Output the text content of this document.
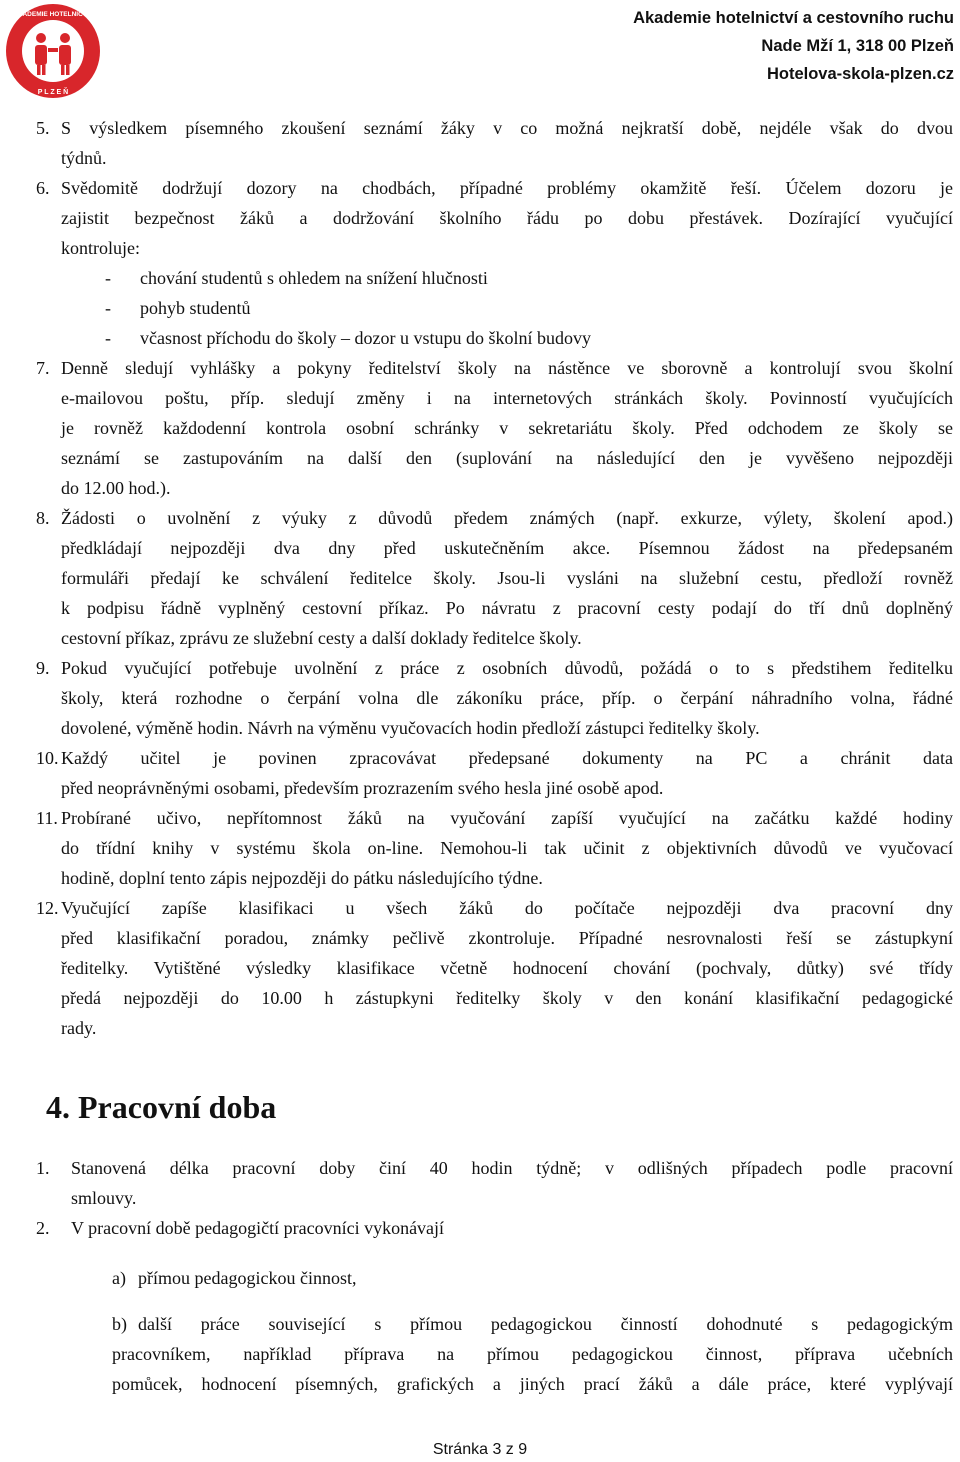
AKADEMIE HOTELNICTVÍ
P L Z E Ň
Akademie hotelnictví a cestovního ruchu
Nade Mží 1, 318 00 Plzeň
Hotelova-skola-plzen.cz
5. S výsledkem písemného zkoušení seznámí žáky v co možná nejkratší době, nejdéle však do dvou
týdnů.
6. Svědomitě dodržují dozory na chodbách, případné problémy okamžitě řeší. Účelem dozoru je
zajistit bezpečnost žáků a dodržování školního řádu po dobu přestávek. Dozírající vyučující
kontroluje:
- chování studentů s ohledem na snížení hlučnosti
- pohyb studentů
- včasnost příchodu do školy – dozor u vstupu do školní budovy
7. Denně sledují vyhlášky a pokyny ředitelství školy na nástěnce ve sborovně a kontrolují svou školní
e-mailovou poštu, příp. sledují změny i na internetových stránkách školy. Povinností vyučujících
je rovněž každodenní kontrola osobní schránky v sekretariátu školy. Před odchodem ze školy se
seznámí se zastupováním na další den (suplování na následující den je vyvěšeno nejpozději
do 12.00 hod.).
8. Žádosti o uvolnění z výuky z důvodů předem známých (např. exkurze, výlety, školení apod.)
předkládají nejpozději dva dny před uskutečněním akce. Písemnou žádost na předepsaném
formuláři předají ke schválení ředitelce školy. Jsou-li vysláni na služební cestu, předloží rovněž
k podpisu řádně vyplněný cestovní příkaz. Po návratu z pracovní cesty podají do tří dnů doplněný
cestovní příkaz, zprávu ze služební cesty a další doklady ředitelce školy.
9. Pokud vyučující potřebuje uvolnění z práce z osobních důvodů, požádá o to s předstihem ředitelku
školy, která rozhodne o čerpání volna dle zákoníku práce, příp. o čerpání náhradního volna, řádné
dovolené, výměně hodin. Návrh na výměnu vyučovacích hodin předloží zástupci ředitelky školy.
10. Každý učitel je povinen zpracovávat předepsané dokumenty na PC a chránit data
před neoprávněnými osobami, především prozrazením svého hesla jiné osobě apod.
11. Probírané učivo, nepřítomnost žáků na vyučování zapíší vyučující na začátku každé hodiny
do třídní knihy v systému škola on-line. Nemohou-li tak učinit z objektivních důvodů ve vyučovací
hodině, doplní tento zápis nejpozději do pátku následujícího týdne.
12. Vyučující zapíše klasifikaci u všech žáků do počítače nejpozději dva pracovní dny
před klasifikační poradou, známky pečlivě zkontroluje. Případné nesrovnalosti řeší se zástupkyní
ředitelky. Vytištěné výsledky klasifikace včetně hodnocení chování (pochvaly, důtky) své třídy
předá nejpozději do 10.00 h zástupkyni ředitelky školy v den konání klasifikační pedagogické
rady.
4. Pracovní doba
1. Stanovená délka pracovní doby činí 40 hodin týdně; v odlišných případech podle pracovní
smlouvy.
2. V pracovní době pedagogičtí pracovníci vykonávají
a) přímou pedagogickou činnost,
b) další práce související s přímou pedagogickou činností dohodnuté s pedagogickým
pracovníkem, například příprava na přímou pedagogickou činnost, příprava učebních
pomůcek, hodnocení písemných, grafických a jiných prací žáků a dále práce, které vyplývají
Stránka 3 z 9
